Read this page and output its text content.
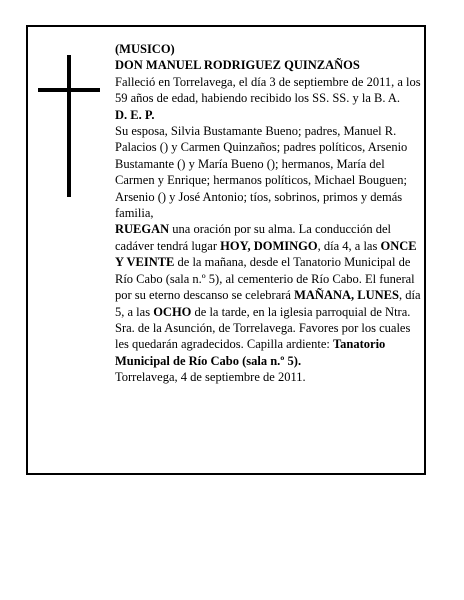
(MUSICO)

DON MANUEL RODRIGUEZ QUINZAÑOS

Falleció en Torrelavega, el día 3 de septiembre de 2011, a los 59 años de edad, habiendo recibido los SS. SS. y la B. A.

D. E. P.

Su esposa, Silvia Bustamante Bueno; padres, Manuel R. Palacios () y Carmen Quinzaños; padres políticos, Arsenio Bustamante () y María Bueno (); hermanos, María del Carmen y Enrique; hermanos políticos, Michael Bouguen; Arsenio () y José Antonio; tíos, sobrinos, primos y demás familia,

RUEGAN una oración por su alma. La conducción del cadáver tendrá lugar HOY, DOMINGO, día 4, a las ONCE Y VEINTE de la mañana, desde el Tanatorio Municipal de Río Cabo (sala n.º 5), al cementerio de Río Cabo. El funeral por su eterno descanso se celebrará MAÑANA, LUNES, día 5, a las OCHO de la tarde, en la iglesia parroquial de Ntra. Sra. de la Asunción, de Torrelavega. Favores por los cuales les quedarán agradecidos. Capilla ardiente: Tanatorio Municipal de Río Cabo (sala n.º 5).

Torrelavega, 4 de septiembre de 2011.
